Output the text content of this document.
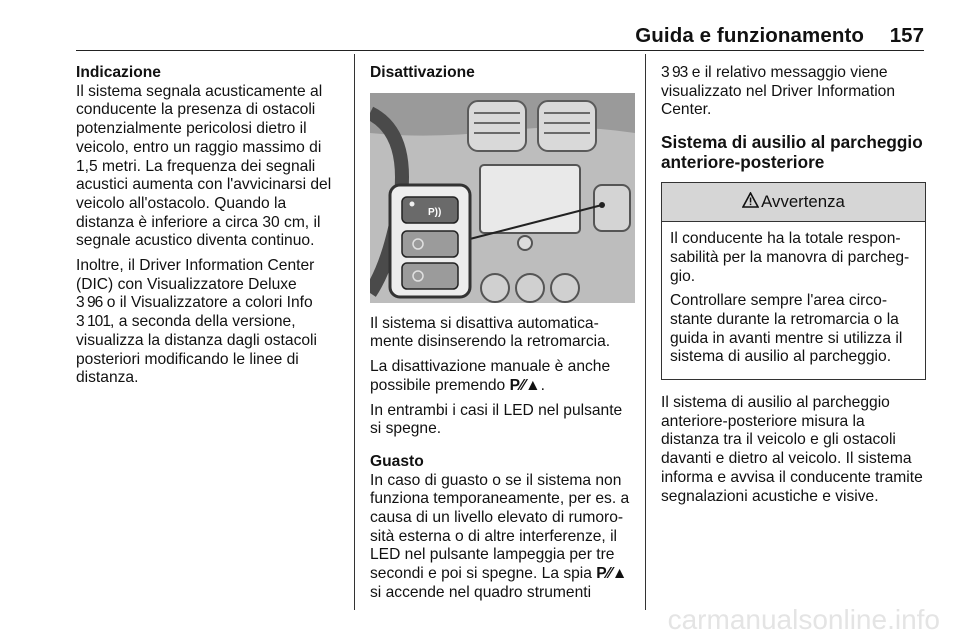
Guida e funzionamento 157
Indicazione

Il sistema segnala acusticamente al conducente la presenza di ostacoli potenzialmente pericolosi dietro il veicolo, entro un raggio massimo di 1,5 metri. La frequenza dei segnali acustici aumenta con l'avvicinarsi del veicolo all'ostacolo. Quando la distanza è inferiore a circa 30 cm, il segnale acustico diventa continuo.

Inoltre, il Driver Information Center (DIC) con Visualizzatore Deluxe
3 96 o il Visualizzatore a colori Info
3 101, a seconda della versione, visualizza la distanza dagli ostacoli posteriori modificando le linee di distanza.

Disattivazione
P))

Il sistema si disattiva automaticamente disinserendo la retromarcia.

La disattivazione manuale è anche possibile premendo P⁄⁄▲.

In entrambi i casi il LED nel pulsante si spegne.

Guasto

In caso di guasto o se il sistema non funziona temporaneamente, per es. a causa di un livello elevato di rumorosità esterna o di altre interferenze, il LED nel pulsante lampeggia per tre secondi e poi si spegne. La spia P⁄⁄▲
si accende nel quadro strumenti

3 93 e il relativo messaggio viene visualizzato nel Driver Information Center.

Sistema di ausilio al parcheggio anteriore-posteriore
Avvertenza

Il conducente ha la totale responsabilità per la manovra di parcheggio.

Controllare sempre l'area circostante durante la retromarcia o la guida in avanti mentre si utilizza il sistema di ausilio al parcheggio.

Il sistema di ausilio al parcheggio anteriore-posteriore misura la distanza tra il veicolo e gli ostacoli davanti e dietro al veicolo. Il sistema informa e avvisa il conducente tramite segnalazioni acustiche e visive.

carmanualsonline.info
